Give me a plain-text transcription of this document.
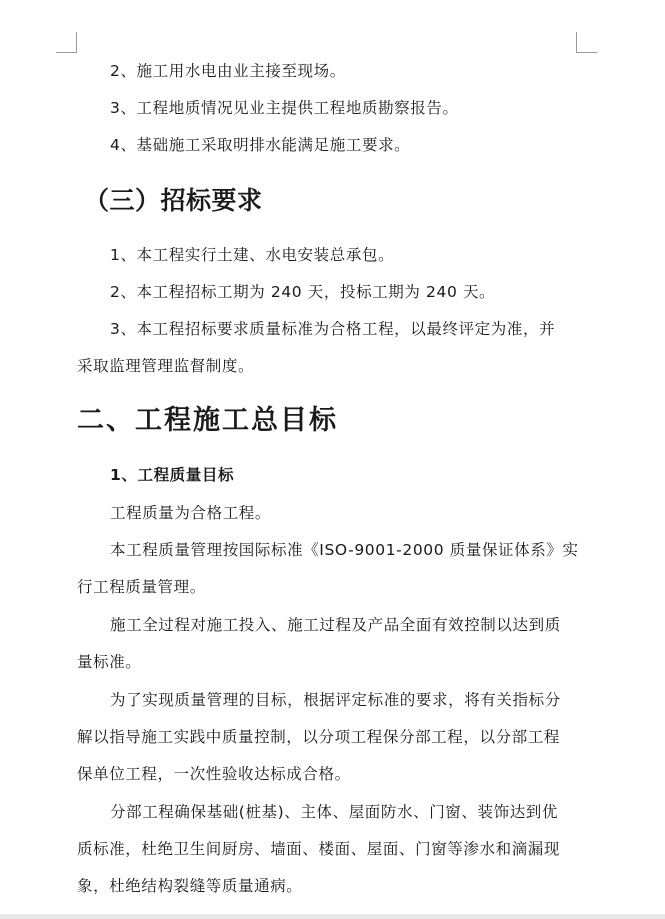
2、施工用水电由业主接至现场。
3、工程地质情况见业主提供工程地质勘察报告。
4、基础施工采取明排水能满足施工要求。
（三）招标要求
1、本工程实行土建、水电安装总承包。
2、本工程招标工期为 240 天，投标工期为 240 天。
3、本工程招标要求质量标准为合格工程，以最终评定为准，并
采取监理管理监督制度。
二、工程施工总目标
1、工程质量目标
工程质量为合格工程。
本工程质量管理按国际标准《ISO-9001-2000 质量保证体系》实
行工程质量管理。
施工全过程对施工投入、施工过程及产品全面有效控制以达到质
量标准。
为了实现质量管理的目标，根据评定标准的要求，将有关指标分
解以指导施工实践中质量控制，以分项工程保分部工程，以分部工程
保单位工程，一次性验收达标成合格。
分部工程确保基础(桩基)、主体、屋面防水、门窗、装饰达到优
质标准，杜绝卫生间厨房、墙面、楼面、屋面、门窗等渗水和滴漏现
象，杜绝结构裂缝等质量通病。
